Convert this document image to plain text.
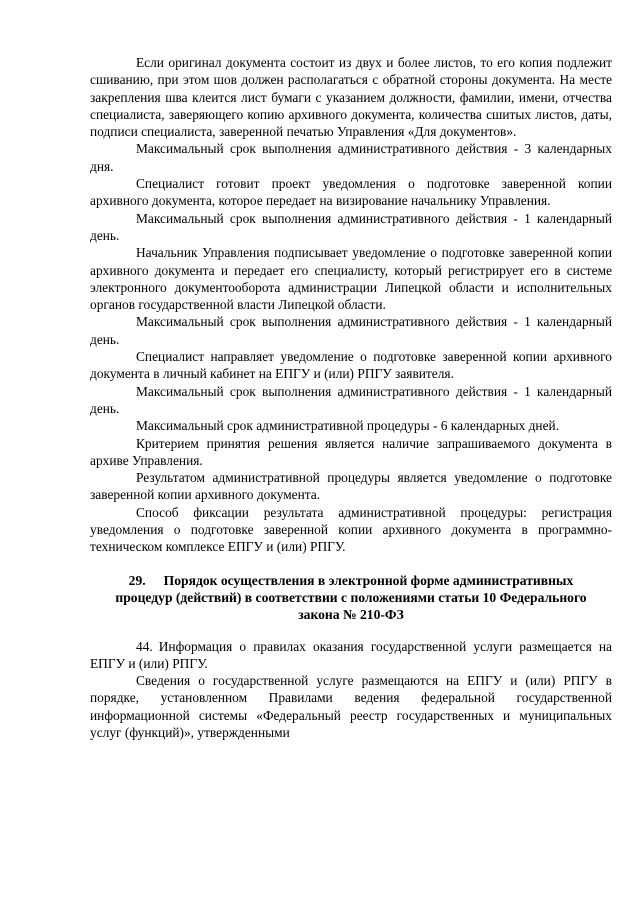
Если оригинал документа состоит из двух и более листов, то его копия подлежит сшиванию, при этом шов должен располагаться с обратной стороны документа. На месте закрепления шва клеится лист бумаги с указанием должности, фамилии, имени, отчества специалиста, заверяющего копию архивного документа, количества сшитых листов, даты, подписи специалиста, заверенной печатью Управления «Для документов».

Максимальный срок выполнения административного действия - 3 календарных дня.

Специалист готовит проект уведомления о подготовке заверенной копии архивного документа, которое передает на визирование начальнику Управления.

Максимальный срок выполнения административного действия - 1 календарный день.

Начальник Управления подписывает уведомление о подготовке заверенной копии архивного документа и передает его специалисту, который регистрирует его в системе электронного документооборота администрации Липецкой области и исполнительных органов государственной власти Липецкой области.

Максимальный срок выполнения административного действия - 1 календарный день.

Специалист направляет уведомление о подготовке заверенной копии архивного документа в личный кабинет на ЕПГУ и (или) РПГУ заявителя.

Максимальный срок выполнения административного действия - 1 календарный день.

Максимальный срок административной процедуры - 6 календарных дней.

Критерием принятия решения является наличие запрашиваемого документа в архиве Управления.

Результатом административной процедуры является уведомление о подготовке заверенной копии архивного документа.

Способ фиксации результата административной процедуры: регистрация уведомления о подготовке заверенной копии архивного документа в программно-техническом комплексе ЕПГУ и (или) РПГУ.

29. Порядок осуществления в электронной форме административных процедур (действий) в соответствии с положениями статьи 10 Федерального закона № 210-ФЗ

44. Информация о правилах оказания государственной услуги размещается на ЕПГУ и (или) РПГУ.

Сведения о государственной услуге размещаются на ЕПГУ и (или) РПГУ в порядке, установленном Правилами ведения федеральной государственной информационной системы «Федеральный реестр государственных и муниципальных услуг (функций)», утвержденными
